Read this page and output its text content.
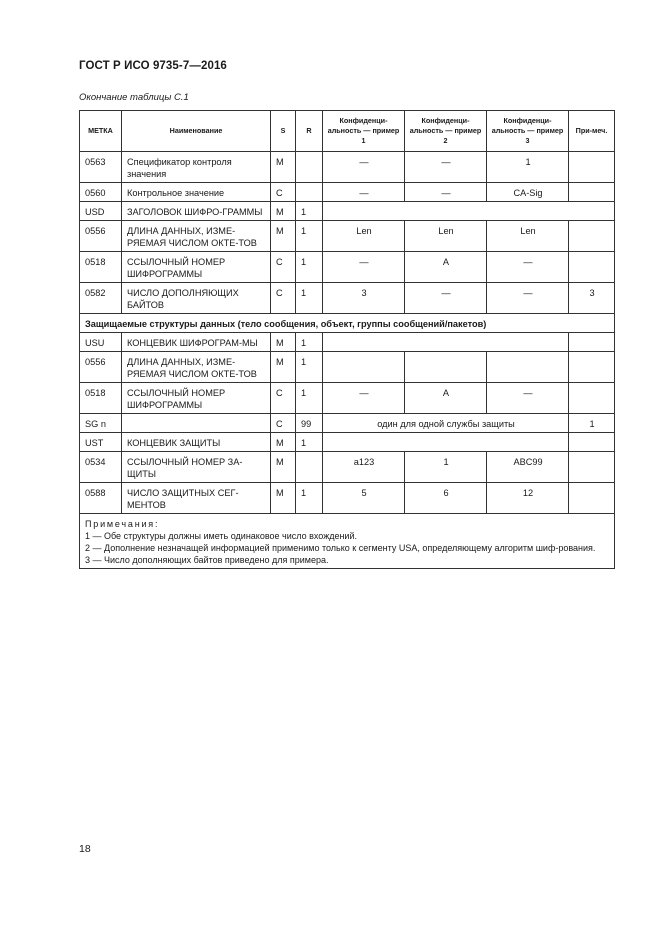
ГОСТ Р ИСО 9735-7—2016
Окончание таблицы С.1
МЕТКА	Наименование	S	R	Конфиденци-альность — пример 1	Конфиденци-альность — пример 2	Конфиденци-альность — пример 3	При-меч.
0563	Спецификатор контроля значения	M		—	—	1	
0560	Контрольное значение	C		—	—	CA-Sig	
USD	ЗАГОЛОВОК ШИФРО-ГРАММЫ	M	1				
0556	ДЛИНА ДАННЫХ, ИЗМЕ-РЯЕМАЯ ЧИСЛОМ ОКТЕ-ТОВ	M	1	Len	Len	Len	
0518	ССЫЛОЧНЫЙ НОМЕР ШИФРОГРАММЫ	C	1	—	A	—	
0582	ЧИСЛО ДОПОЛНЯЮЩИХ БАЙТОВ	C	1	3	—	—	3
Защищаемые структуры данных (тело сообщения, объект, группы сообщений/пакетов)							
USU	КОНЦЕВИК ШИФРОГРАМ-МЫ	M	1				
0556	ДЛИНА ДАННЫХ, ИЗМЕ-РЯЕМАЯ ЧИСЛОМ ОКТЕ-ТОВ	M	1				
0518	ССЫЛОЧНЫЙ НОМЕР ШИФРОГРАММЫ	C	1	—	A	—	
SG n		C	99	один для одной службы защиты			1
UST	КОНЦЕВИК ЗАЩИТЫ	M	1				
0534	ССЫЛОЧНЫЙ НОМЕР ЗА-ЩИТЫ	M		a123	1	ABC99	
0588	ЧИСЛО ЗАЩИТНЫХ СЕГ-МЕНТОВ	M	1	5	6	12	

Примечания:
1 — Обе структуры должны иметь одинаковое число вхождений.
2 — Дополнение незначащей информацией применимо только к сегменту USA, определяющему алгоритм шиф-рования.
3 — Число дополняющих байтов приведено для примера.							
18
